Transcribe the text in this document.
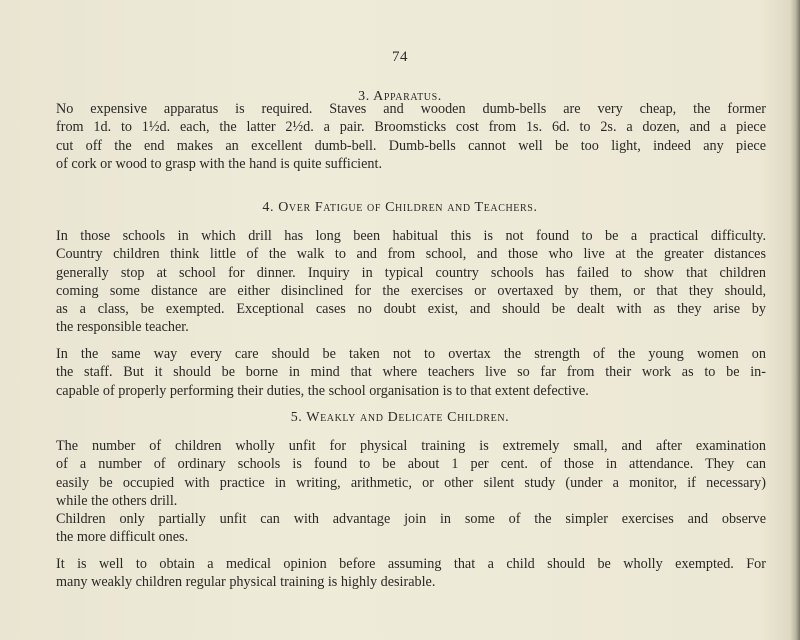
74
3. Apparatus.
No expensive apparatus is required. Staves and wooden dumb-bells are very cheap, the former
from 1d. to 1½d. each, the latter 2½d. a pair. Broomsticks cost from 1s. 6d. to 2s. a dozen, and a piece
cut off the end makes an excellent dumb-bell. Dumb-bells cannot well be too light, indeed any piece
of cork or wood to grasp with the hand is quite sufficient.
4. Over Fatigue of Children and Teachers.
In those schools in which drill has long been habitual this is not found to be a practical difficulty.
Country children think little of the walk to and from school, and those who live at the greater distances
generally stop at school for dinner. Inquiry in typical country schools has failed to show that children
coming some distance are either disinclined for the exercises or overtaxed by them, or that they should,
as a class, be exempted. Exceptional cases no doubt exist, and should be dealt with as they arise by
the responsible teacher.
In the same way every care should be taken not to overtax the strength of the young women on
the staff. But it should be borne in mind that where teachers live so far from their work as to be in-
capable of properly performing their duties, the school organisation is to that extent defective.
5. Weakly and Delicate Children.
The number of children wholly unfit for physical training is extremely small, and after examination
of a number of ordinary schools is found to be about 1 per cent. of those in attendance. They can
easily be occupied with practice in writing, arithmetic, or other silent study (under a monitor, if necessary)
while the others drill.
Children only partially unfit can with advantage join in some of the simpler exercises and observe
the more difficult ones.
It is well to obtain a medical opinion before assuming that a child should be wholly exempted. For
many weakly children regular physical training is highly desirable.
